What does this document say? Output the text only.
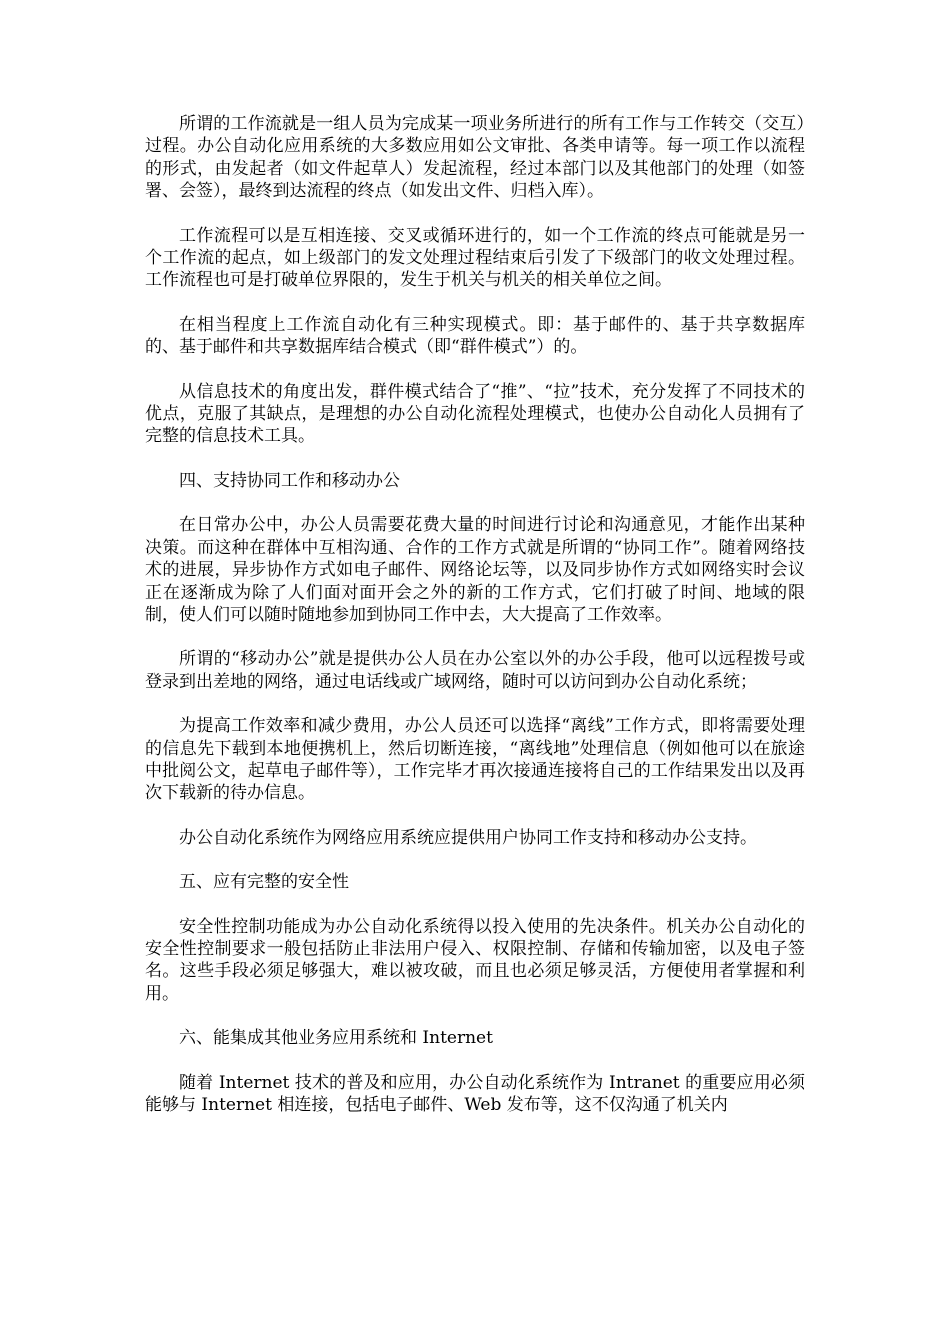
所谓的工作流就是一组人员为完成某一项业务所进行的所有工作与工作转交（交互）过程。办公自动化应用系统的大多数应用如公文审批、各类申请等。每一项工作以流程的形式，由发起者（如文件起草人）发起流程，经过本部门以及其他部门的处理（如签署、会签），最终到达流程的终点（如发出文件、归档入库）。

工作流程可以是互相连接、交叉或循环进行的，如一个工作流的终点可能就是另一个工作流的起点，如上级部门的发文处理过程结束后引发了下级部门的收文处理过程。工作流程也可是打破单位界限的，发生于机关与机关的相关单位之间。

在相当程度上工作流自动化有三种实现模式。即：基于邮件的、基于共享数据库的、基于邮件和共享数据库结合模式（即“群件模式”）的。

从信息技术的角度出发，群件模式结合了“推”、“拉”技术，充分发挥了不同技术的优点，克服了其缺点，是理想的办公自动化流程处理模式，也使办公自动化人员拥有了完整的信息技术工具。

四、支持协同工作和移动办公

在日常办公中，办公人员需要花费大量的时间进行讨论和沟通意见，才能作出某种决策。而这种在群体中互相沟通、合作的工作方式就是所谓的“协同工作”。随着网络技术的进展，异步协作方式如电子邮件、网络论坛等，以及同步协作方式如网络实时会议正在逐渐成为除了人们面对面开会之外的新的工作方式，它们打破了时间、地域的限制，使人们可以随时随地参加到协同工作中去，大大提高了工作效率。

所谓的“移动办公”就是提供办公人员在办公室以外的办公手段，他可以远程拨号或登录到出差地的网络，通过电话线或广域网络，随时可以访问到办公自动化系统；

为提高工作效率和减少费用，办公人员还可以选择“离线”工作方式，即将需要处理的信息先下载到本地便携机上，然后切断连接，“离线地”处理信息（例如他可以在旅途中批阅公文，起草电子邮件等），工作完毕才再次接通连接将自己的工作结果发出以及再次下载新的待办信息。

办公自动化系统作为网络应用系统应提供用户协同工作支持和移动办公支持。

五、应有完整的安全性

安全性控制功能成为办公自动化系统得以投入使用的先决条件。机关办公自动化的安全性控制要求一般包括防止非法用户侵入、权限控制、存储和传输加密，以及电子签名。这些手段必须足够强大，难以被攻破，而且也必须足够灵活，方便使用者掌握和利用。

六、能集成其他业务应用系统和 Internet

随着 Internet 技术的普及和应用，办公自动化系统作为 Intranet 的重要应用必须能够与 Internet 相连接，包括电子邮件、Web 发布等，这不仅沟通了机关内
